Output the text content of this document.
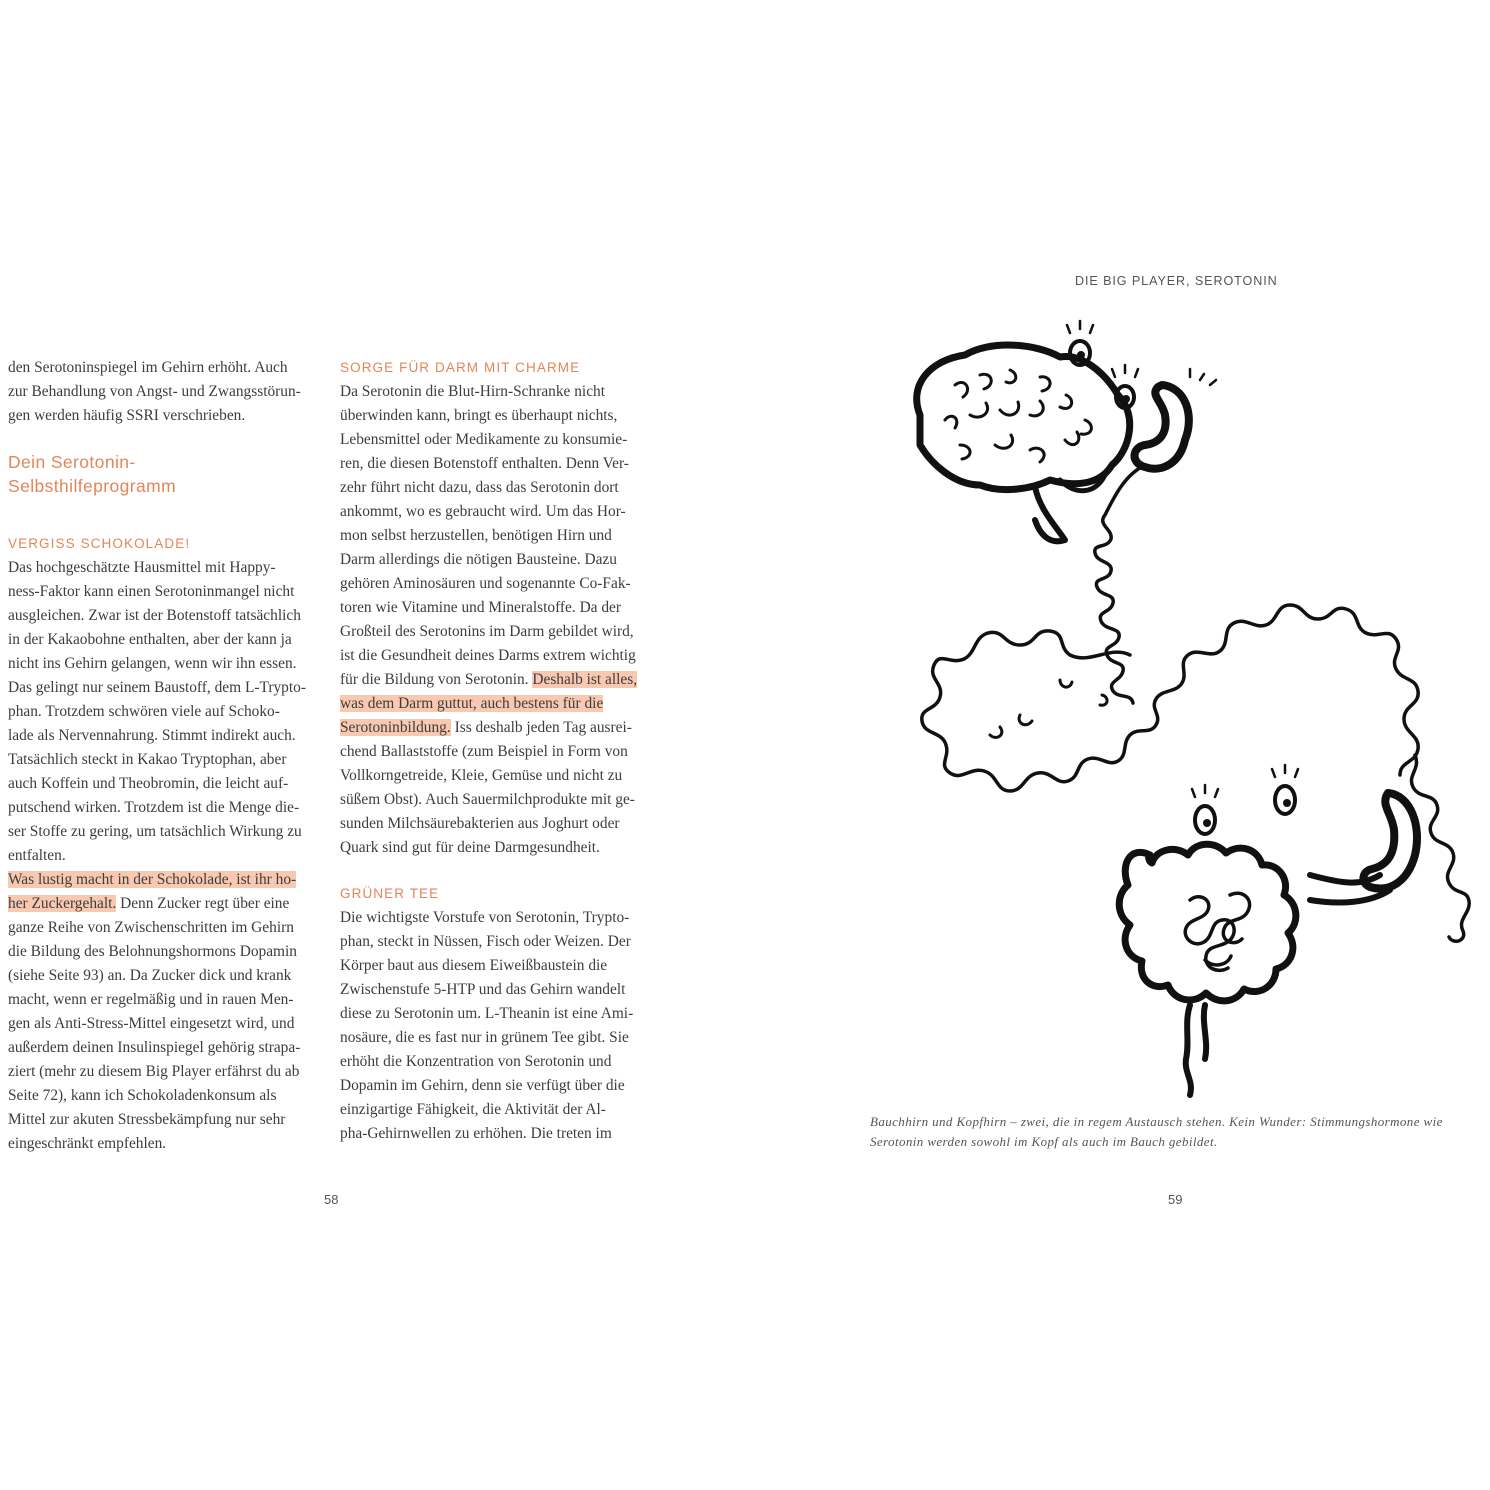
den Serotoninspiegel im Gehirn erhöht. Auch

zur Behandlung von Angst- und Zwangsstörun-

gen werden häufig SSRI verschrieben.

Dein Serotonin-

Selbsthilfeprogramm

VERGISS SCHOKOLADE!

Das hochgeschätzte Hausmittel mit Happy-

ness-Faktor kann einen Serotoninmangel nicht

ausgleichen. Zwar ist der Botenstoff tatsächlich

in der Kakaobohne enthalten, aber der kann ja

nicht ins Gehirn gelangen, wenn wir ihn essen.

Das gelingt nur seinem Baustoff, dem L-Trypto-

phan. Trotzdem schwören viele auf Schoko-

lade als Nervennahrung. Stimmt indirekt auch.

Tatsächlich steckt in Kakao Tryptophan, aber

auch Koffein und Theobromin, die leicht auf-

putschend wirken. Trotzdem ist die Menge die-

ser Stoffe zu gering, um tatsächlich Wirkung zu

entfalten.

Was lustig macht in der Schokolade, ist ihr ho-

her Zuckergehalt. Denn Zucker regt über eine

ganze Reihe von Zwischenschritten im Gehirn

die Bildung des Belohnungshormons Dopamin

(siehe Seite 93) an. Da Zucker dick und krank

macht, wenn er regelmäßig und in rauen Men-

gen als Anti-Stress-Mittel eingesetzt wird, und

außerdem deinen Insulinspiegel gehörig strapa-

ziert (mehr zu diesem Big Player erfährst du ab

Seite 72), kann ich Schokoladenkonsum als

Mittel zur akuten Stressbekämpfung nur sehr

eingeschränkt empfehlen.

SORGE FÜR DARM MIT CHARME

Da Serotonin die Blut-Hirn-Schranke nicht

überwinden kann, bringt es überhaupt nichts,

Lebensmittel oder Medikamente zu konsumie-

ren, die diesen Botenstoff enthalten. Denn Ver-

zehr führt nicht dazu, dass das Serotonin dort

ankommt, wo es gebraucht wird. Um das Hor-

mon selbst herzustellen, benötigen Hirn und

Darm allerdings die nötigen Bausteine. Dazu

gehören Aminosäuren und sogenannte Co-Fak-

toren wie Vitamine und Mineralstoffe. Da der

Großteil des Serotonins im Darm gebildet wird,

ist die Gesundheit deines Darms extrem wichtig

für die Bildung von Serotonin. Deshalb ist alles,

was dem Darm guttut, auch bestens für die

Serotoninbildung. Iss deshalb jeden Tag ausrei-

chend Ballaststoffe (zum Beispiel in Form von

Vollkorngetreide, Kleie, Gemüse und nicht zu

süßem Obst). Auch Sauermilchprodukte mit ge-

sunden Milchsäurebakterien aus Joghurt oder

Quark sind gut für deine Darmgesundheit.

GRÜNER TEE

Die wichtigste Vorstufe von Serotonin, Trypto-

phan, steckt in Nüssen, Fisch oder Weizen. Der

Körper baut aus diesem Eiweißbaustein die

Zwischenstufe 5-HTP und das Gehirn wandelt

diese zu Serotonin um. L-Theanin ist eine Ami-

nosäure, die es fast nur in grünem Tee gibt. Sie

erhöht die Konzentration von Serotonin und

Dopamin im Gehirn, denn sie verfügt über die

einzigartige Fähigkeit, die Aktivität der Al-

pha-Gehirnwellen zu erhöhen. Die treten im

58
DIE BIG PLAYER, SEROTONIN
Bauchhirn und Kopfhirn – zwei, die in regem Austausch stehen. Kein Wunder: Stimmungshormone wie
Serotonin werden sowohl im Kopf als auch im Bauch gebildet.
59
